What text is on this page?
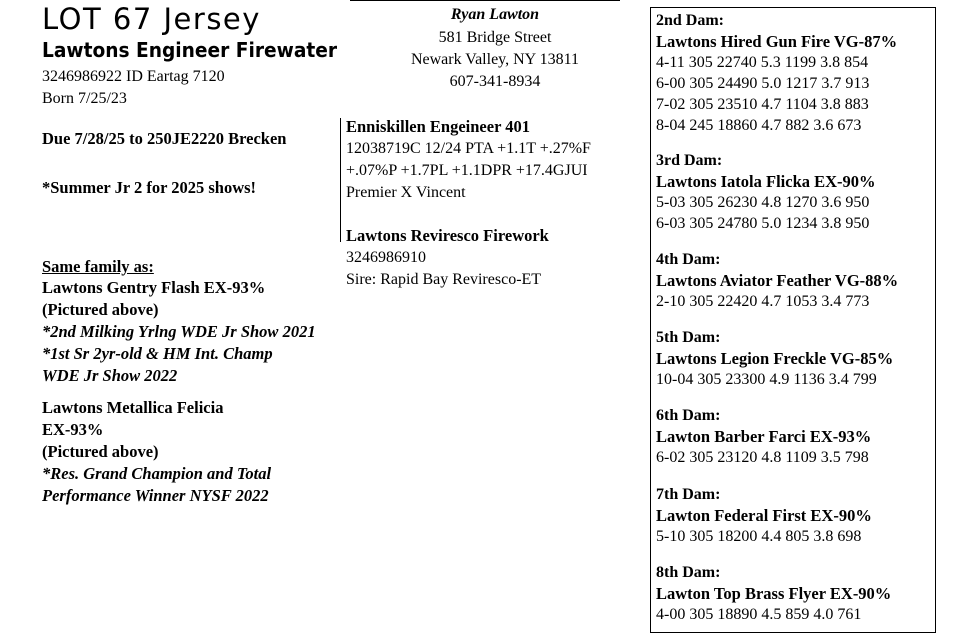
LOT 67 Jersey
Lawtons Engineer Firewater
3246986922 ID Eartag 7120
Born 7/25/23
Due 7/28/25 to 250JE2220 Brecken
*Summer Jr 2 for 2025 shows!
Same family as:
Lawtons Gentry Flash EX-93%
(Pictured above)
*2nd Milking Yrlng WDE Jr Show 2021
*1st Sr 2yr-old & HM Int. Champ
WDE Jr Show 2022
Lawtons Metallica Felicia
EX-93%
(Pictured above)
*Res. Grand Champion and Total
Performance Winner NYSF 2022
Ryan Lawton
581 Bridge Street
Newark Valley, NY 13811
607-341-8934
Enniskillen Engeineer 401
12038719C 12/24 PTA +1.1T +.27%F
+.07%P +1.7PL +1.1DPR +17.4GJUI
Premier X Vincent
Lawtons Reviresco Firework
3246986910
Sire: Rapid Bay Reviresco-ET
2nd Dam:
Lawtons Hired Gun Fire VG-87%
4-11 305 22740 5.3 1199 3.8 854
6-00 305 24490 5.0 1217 3.7 913
7-02 305 23510 4.7 1104 3.8 883
8-04 245 18860 4.7 882 3.6 673
3rd Dam:
Lawtons Iatola Flicka EX-90%
5-03 305 26230 4.8 1270 3.6 950
6-03 305 24780 5.0 1234 3.8 950
4th Dam:
Lawtons Aviator Feather VG-88%
2-10 305 22420 4.7 1053 3.4 773
5th Dam:
Lawtons Legion Freckle VG-85%
10-04 305 23300 4.9 1136 3.4 799
6th Dam:
Lawton Barber Farci EX-93%
6-02 305 23120 4.8 1109 3.5 798
7th Dam:
Lawton Federal First EX-90%
5-10 305 18200 4.4 805 3.8 698
8th Dam:
Lawton Top Brass Flyer EX-90%
4-00 305 18890 4.5 859 4.0 761
